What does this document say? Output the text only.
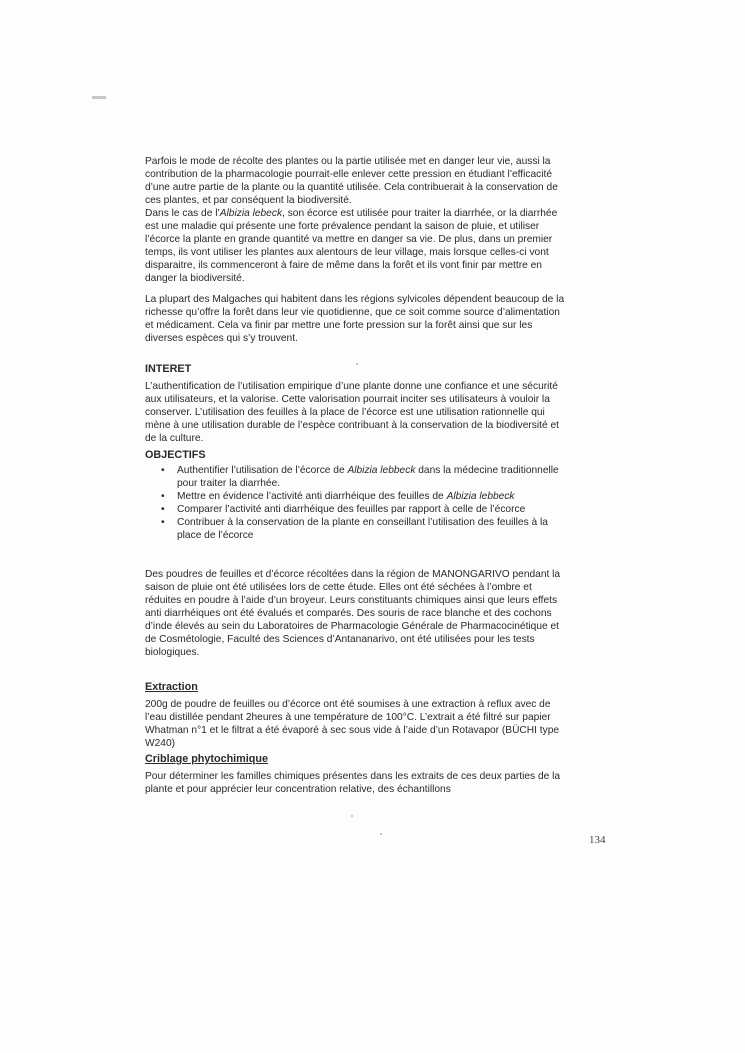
Parfois le mode de récolte des plantes ou la partie utilisée met en danger leur vie, aussi la contribution de la pharmacologie pourrait-elle enlever cette pression en étudiant l’efficacité d’une autre partie de la plante ou la quantité utilisée. Cela contribuerait à la conservation de ces plantes, et par conséquent la biodiversité.

Dans le cas de l’Albizia lebeck, son écorce est utilisée pour traiter la diarrhée, or la diarrhée est une maladie qui présente une forte prévalence pendant la saison de pluie, et utiliser l’écorce la plante en grande quantité va mettre en danger sa vie. De plus, dans un premier temps, ils vont utiliser les plantes aux alentours de leur village, mais lorsque celles-ci vont disparaitre, ils commenceront à faire de même dans la forêt et ils vont finir par mettre en danger la biodiversité.

La plupart des Malgaches qui habitent dans les régions sylvicoles dépendent beaucoup de la richesse qu’offre la forêt dans leur vie quotidienne, que ce soit comme source d’alimentation et médicament. Cela va finir par mettre une forte pression sur la forêt ainsi que sur les diverses espèces qui s’y trouvent.

INTERET

L’authentification de l’utilisation empirique d’une plante donne une confiance et une sécurité aux utilisateurs, et la valorise. Cette valorisation pourrait inciter ses utilisateurs à vouloir la conserver. L’utilisation des feuilles à la place de l’écorce est une utilisation rationnelle qui mène à une utilisation durable de l’espèce contribuant à la conservation de la biodiversité et de la culture.

OBJECTIFS
• Authentifier l’utilisation de l’écorce de Albizia lebbeck dans la médecine traditionnelle pour traiter la diarrhée.
• Mettre en évidence l’activité anti diarrhéique des feuilles de Albizia lebbeck
• Comparer l’activité anti diarrhéique des feuilles par rapport à celle de l’écorce
• Contribuer à la conservation de la plante en conseillant l’utilisation des feuilles à la place de l’écorce

Des poudres de feuilles et d’écorce récoltées dans la région de MANONGARIVO pendant la saison de pluie ont été utilisées lors de cette étude. Elles ont été séchées à l’ombre et réduites en poudre à l’aide d’un broyeur. Leurs constituants chimiques ainsi que leurs effets anti diarrhéiques ont été évalués et comparés. Des souris de race blanche et des cochons d’inde élevés au sein du Laboratoires de Pharmacologie Générale de Pharmacocinétique et de Cosmétologie, Faculté des Sciences d’Antananarivo, ont été utilisées pour les tests biologiques.

Extraction

200g de poudre de feuilles ou d’écorce ont été soumises à une extraction à reflux avec de l’eau distillée pendant 2heures à une température de 100°C. L’extrait a été filtré sur papier Whatman n°1 et le filtrat a été évaporé à sec sous vide à l’aide d’un Rotavapor (BÜCHI type W240)

Criblage phytochimique

Pour déterminer les familles chimiques présentes dans les extraits de ces deux parties de la plante et pour apprécier leur concentration relative, des échantillons

134
